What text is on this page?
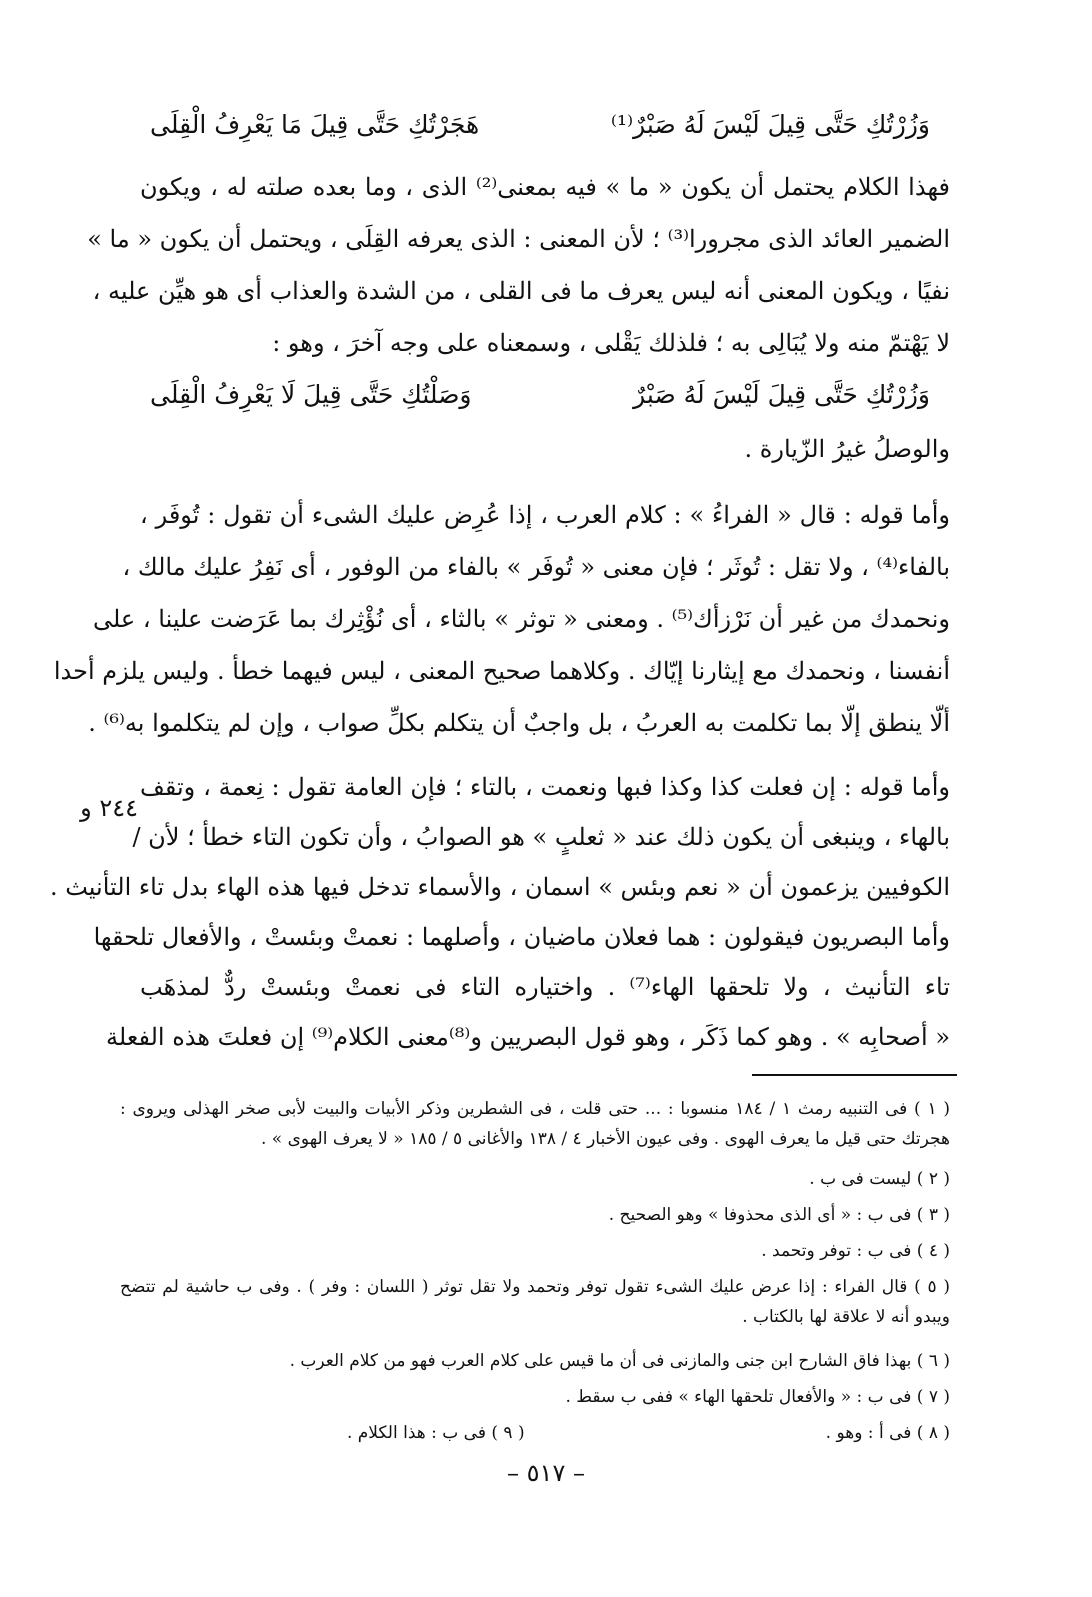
هَجَرْتُكِ حَتَّى قِيلَ مَا يَعْرِفُ الْقِلَى	وَزُرْتُكِ حَتَّى قِيلَ لَيْسَ لَهُ صَبْرٌ⁽¹⁾
فهذا الكلام يحتمل أن يكون « ما » فيه بمعنى⁽²⁾ الذى ، وما بعده صلته له ، ويكون
الضمير العائد الذى مجرورا⁽³⁾ ؛ لأن المعنى : الذى يعرفه القِلَى ، ويحتمل أن يكون « ما »
نفيًا ، ويكون المعنى أنه ليس يعرف ما فى القلى ، من الشدة والعذاب أى هو هيِّن عليه ،
لا يَهْتمّ منه ولا يُبَالِى به ؛ فلذلك يَقْلى ، وسمعناه على وجه آخرَ ، وهو :
وَصَلْتُكِ حَتَّى قِيلَ لَا يَعْرِفُ الْقِلَى	وَزُرْتُكِ حَتَّى قِيلَ لَيْسَ لَهُ صَبْرٌ
والوصلُ غيرُ الزّيارة .
وأما قوله : قال « الفراءُ » : كلام العرب ، إذا عُرِض عليك الشىء أن تقول : تُوفَر ،
بالفاء⁽⁴⁾ ، ولا تقل : تُوثَر ؛ فإن معنى « تُوفَر » بالفاء من الوفور ، أى نَفِرُ عليك مالك ،
ونحمدك من غير أن نَرْزأك⁽⁵⁾ . ومعنى « توثر » بالثاء ، أى نُؤْثِرك بما عَرَضت علينا ، على
أنفسنا ، ونحمدك مع إيثارنا إيّاك . وكلاهما صحيح المعنى ، ليس فيهما خطأ . وليس يلزم أحدا
ألّا ينطق إلّا بما تكلمت به العربُ ، بل واجبٌ أن يتكلم بكلِّ صواب ، وإن لم يتكلموا به⁽⁶⁾ .
وأما قوله : إن فعلت كذا وكذا فبها ونعمت ، بالتاء ؛ فإن العامة تقول : نِعمة ، وتقف
بالهاء ، وينبغى أن يكون ذلك عند « ثعلبٍ » هو الصوابُ ، وأن تكون التاء خطأ ؛ لأن /
الكوفيين يزعمون أن « نعم وبئس » اسمان ، والأسماء تدخل فيها هذه الهاء بدل تاء التأنيث .
وأما البصريون فيقولون : هما فعلان ماضيان ، وأصلهما : نعمتْ وبئستْ ، والأفعال تلحقها
تاء التأنيث ، ولا تلحقها الهاء⁽⁷⁾ . واختياره التاء فى نعمتْ وبئستْ ردٌّ لمذهَب
« أصحابِه » . وهو كما ذَكَر ، وهو قول البصريين و⁽⁸⁾معنى الكلام⁽⁹⁾ إن فعلتَ هذه الفعلة
٢٤٤ و
( ١ ) فى التنبيه رمث ١ / ١٨٤ منسوبا : ... حتى قلت ، فى الشطرين وذكر الأبيات والبيت لأبى صخر الهذلى ويروى :
هجرتك حتى قيل ما يعرف الهوى . وفى عيون الأخبار ٤ / ١٣٨ والأغانى ٥ / ١٨٥ « لا يعرف الهوى » .
( ٢ ) ليست فى ب .
( ٣ ) فى ب : « أى الذى محذوفا » وهو الصحيح .
( ٤ ) فى ب : توفر وتحمد .
( ٥ ) قال الفراء : إذا عرض عليك الشىء تقول توفر وتحمد ولا تقل توثر ( اللسان : وفر ) . وفى ب حاشية لم تتضح
ويبدو أنه لا علاقة لها بالكتاب .
( ٦ ) بهذا فاق الشارح ابن جنى والمازنى فى أن ما قيس على كلام العرب فهو من كلام العرب .
( ٧ ) فى ب : « والأفعال تلحقها الهاء » ففى ب سقط .
( ٨ ) فى أ : وهو . ( ٩ ) فى ب : هذا الكلام .
– ٥١٧ –
